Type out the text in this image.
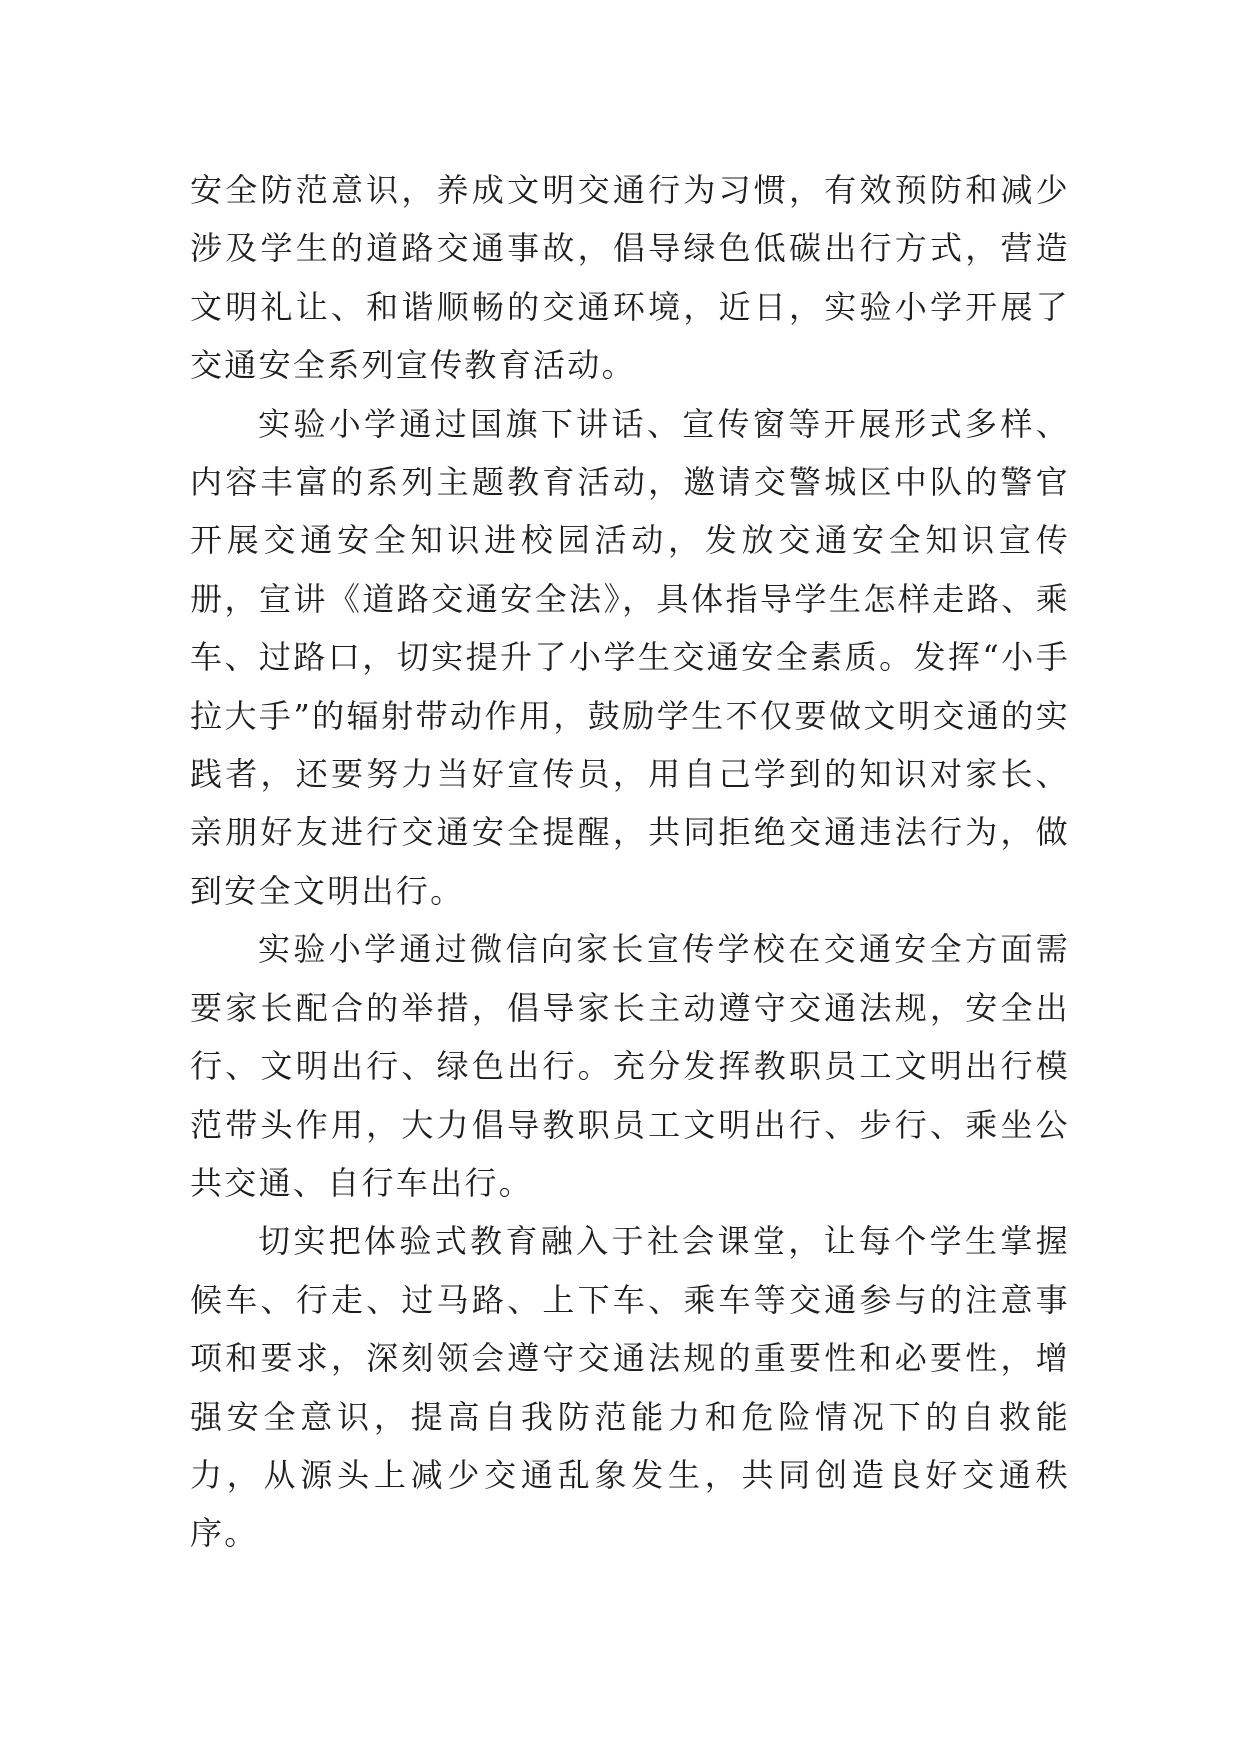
安全防范意识，养成文明交通行为习惯，有效预防和减少涉及学生的道路交通事故，倡导绿色低碳出行方式，营造文明礼让、和谐顺畅的交通环境，近日，实验小学开展了交通安全系列宣传教育活动。

实验小学通过国旗下讲话、宣传窗等开展形式多样、内容丰富的系列主题教育活动，邀请交警城区中队的警官开展交通安全知识进校园活动，发放交通安全知识宣传册，宣讲《道路交通安全法》，具体指导学生怎样走路、乘车、过路口，切实提升了小学生交通安全素质。发挥“小手拉大手”的辐射带动作用，鼓励学生不仅要做文明交通的实践者，还要努力当好宣传员，用自己学到的知识对家长、亲朋好友进行交通安全提醒，共同拒绝交通违法行为，做到安全文明出行。

实验小学通过微信向家长宣传学校在交通安全方面需要家长配合的举措，倡导家长主动遵守交通法规，安全出行、文明出行、绿色出行。充分发挥教职员工文明出行模范带头作用，大力倡导教职员工文明出行、步行、乘坐公共交通、自行车出行。

切实把体验式教育融入于社会课堂，让每个学生掌握候车、行走、过马路、上下车、乘车等交通参与的注意事项和要求，深刻领会遵守交通法规的重要性和必要性，增强安全意识，提高自我防范能力和危险情况下的自救能力，从源头上减少交通乱象发生，共同创造良好交通秩序。
